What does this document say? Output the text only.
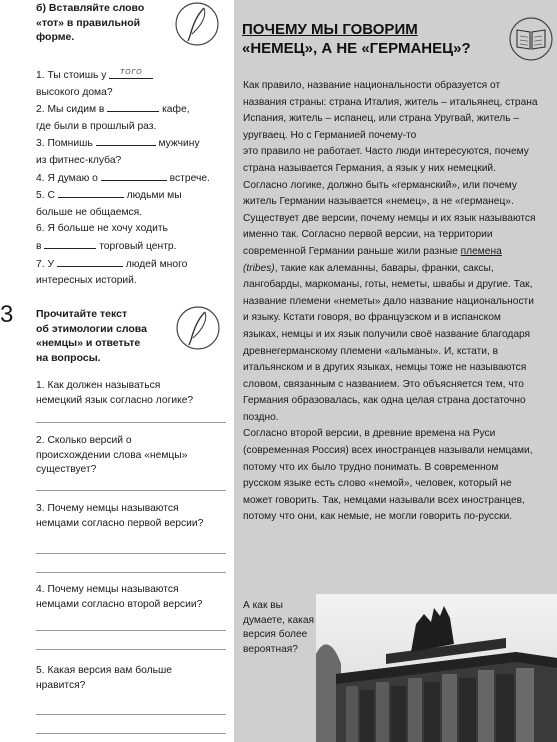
б) Вставляйте слово
«тот» в правильной
форме.
1. Ты стоишь у $^{ТОГО}$
высокого дома?
2. Мы сидим в	кафе,
где были в прошлый раз.
3. Помнишь	мужчину
из фитнес-клуба?
4. Я думаю о	встрече.
5. С	людьми мы
больше не общаемся.
6. Я больше не хочу ходить
в	торговый центр.
7. У	людей много
интересных историй.
3 Прочитайте текст
об этимологии слова
«немцы» и ответьте
на вопросы.
1. Как должен называться
немецкий язык согласно логике?
2. Сколько версий о
происхождении слова «немцы»
существует?
3. Почему немцы называются
немцами согласно первой версии?
4. Почему немцы называются
немцами согласно второй версии?
5. Какая версия вам больше
нравится?
ПОЧЕМУ МЫ ГОВОРИМ
«НЕМЕЦ», А НЕ «ГЕРМАНЕЦ»?

Как правило, название национальности образуется от названия страны: страна Италия, житель – итальянец, страна Испания, житель – испанец, или страна Уругвай, житель – уругваец. Но с Германией почему-то
это правило не работает. Часто люди интересуются, почему страна называется Германия, а язык у них немецкий. Согласно логике, должно быть «германский», или почему житель Германии называется «немец», а не «германец». Существует две версии, почему немцы и их язык называются именно так. Согласно первой версии, на территории современной Германии раньше жили разные племена (tribes), такие как алеманны, бавары, франки, саксы, лангобарды, маркоманы, готы, неметы, швабы и другие. Так, название племени «неметы» дало название национальности и языку. Кстати говоря, во французском и в испанском языках, немцы и их язык получили своё название благодаря древнегерманскому племени «альманы». И, кстати, в итальянском и в других языках, немцы тоже не называются словом, связанным с названием. Это объясняется тем, что Германия образовалась, как одна целая страна достаточно поздно.

Согласно второй версии, в древние времена на Руси (современная Россия) всех иностранцев называли немцами, потому что их было трудно понимать. В современном русском языке есть слово «немой», человек, который не может говорить. Так, немцами называли всех иностранцев, потому что они, как немые, не могли говорить по-русски.

А как вы
думаете, какая
версия более
вероятная?
